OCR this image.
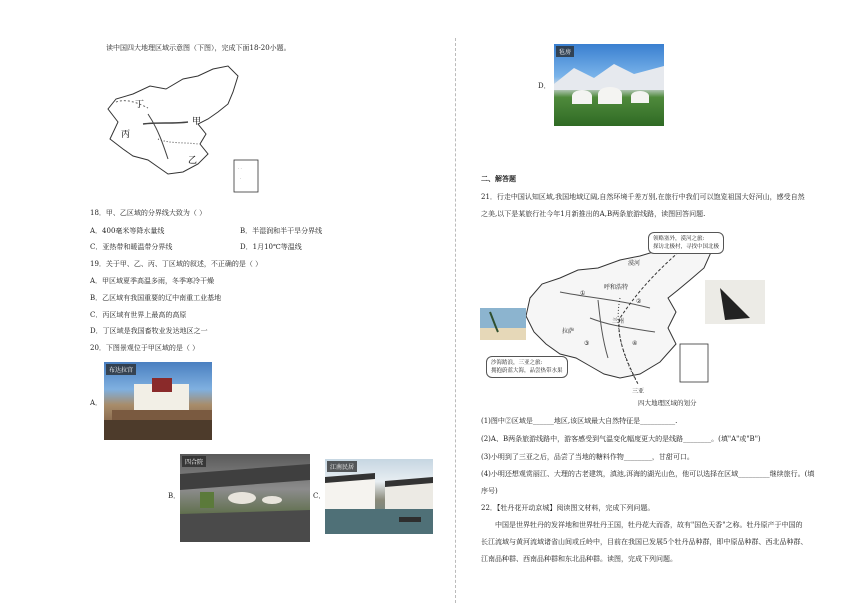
读中国四大地理区域示意图（下图），完成下面18-20小题。
· ·
·
丁
甲
丙
乙
18．甲、乙区域的分界线大致为（ ）
A．400毫米等降水量线	B．半湿润和半干旱分界线
C．亚热带和暖温带分界线	D．1月10℃等温线
19．关于甲、乙、丙、丁区域的叙述，不正确的是（ ）
A．甲区域夏季高温多雨，冬季寒冷干燥
B．乙区域有我国重要的辽中南重工业基地
C．丙区域有世界上最高的高原
D．丁区域是我国畜牧业发达地区之一
20．下图景观位于甲区域的是（ ）
A．
布达拉宫
B．
四合院
C．
江南民居
D．
毡房
二、解答题
21．行走中国认知区域,我国地域辽阔,自然环境千差万别,在旅行中我们可以饱览祖国大好河山，感受自然
之美,以下是某旅行社今年1月新推出的A,B两条旅游线路，读图回答问题.
领略塞外，漠河之旅:
探访北极村，寻找中国北极
沙海踏浪，三亚之旅:
拥抱蔚蓝大海，品尝热带水果
漠河
呼和浩特
拉萨
兰州
三亚
①
②
③	④
四大地理区域的划分
(1)图中②区域是______地区,该区域最大自然特征是__________.
(2)A、B两条旅游线路中，游客感受到气温变化幅度更大的是线路________。(填"A"或"B")
(3)小明到了三亚之后，品尝了当地的糖料作物________，甘甜可口。
(4)小明还想观赏丽江、大理的古老建筑，滇池,洱海的湖光山色，他可以选择在区域_________继续旅行。(填
序号)
22．【牡丹花开动京城】阅读图文材料，完成下列问题。
中国是世界牡丹的发祥地和世界牡丹王国，牡丹花大而香，故有"国色天香"之称。牡丹原产于中国的
长江流域与黄河流域诸省山间或丘岭中，目前在我国已发展5个牡丹品种群，即中原品种群、西北品种群、
江南品种群、西南品种群和东北品种群。读图，完成下列问题。
